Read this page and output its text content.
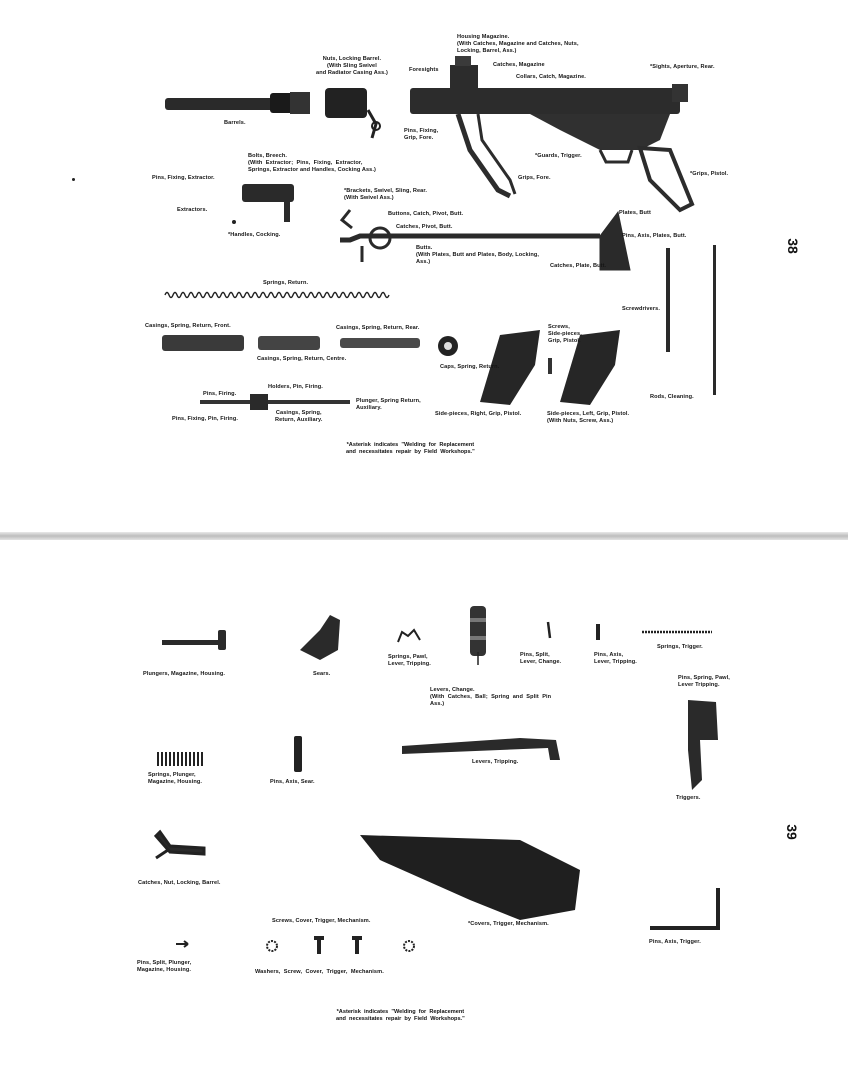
Housing Magazine.
(With Catches, Magazine and Catches, Nuts,
Locking, Barrel, Ass.)
Nuts, Locking Barrel.
(With Sling Swivel
and Radiator Casing Ass.)	Foresights
Catches, Magazine
Collars, Catch, Magazine.
*Sights, Aperture, Rear.
Barrels.
Pins, Fixing,
Grip, Fore.
*Guards, Trigger.
*Grips, Pistol.
Grips, Fore.
Bolts, Breech.
(With  Extractor;  Pins,  Fixing,  Extractor,
Springs, Extractor and Handles, Cocking Ass.)
Pins, Fixing, Extractor.
*Brackets, Swivel, Sling, Rear.
(With Swivel Ass.)
Extractors.
*Handles, Cocking.
Buttons, Catch, Pivot, Butt.
Catches, Pivot, Butt.
Plates, Butt
Pins, Axis, Plates, Butt.
Butts.
(With Plates, Butt and Plates, Body, Locking,
Ass.)
Catches, Plate, Butt.
Springs, Return.
Screwdrivers.
Casings, Spring, Return, Front.	Casings, Spring, Return, Rear.	Screws,
Side-pieces,
Grip, Pistol.
Casings, Spring, Return, Centre.
Caps, Spring, Return.
Holders, Pin, Firing.
Pins, Firing.
Plunger, Spring Return,
Auxiliary.
Rods, Cleaning.
Pins, Fixing, Pin, Firing.
Casings, Spring,
Return, Auxiliary.
Side-pieces, Right, Grip, Pistol.	Side-pieces, Left, Grip, Pistol.
(With Nuts, Screw, Ass.)
*Asterisk  indicates  "Welding  for  Replacement
and  necessitates  repair  by  Field  Workshops."
38
Plungers, Magazine, Housing.	Sears.
Springs, Pawl,
Lever, Tripping.
Pins, Split,
Lever, Change.
Pins, Axis,
Lever, Tripping.
Springs, Trigger.
Levers, Change.
(With  Catches,  Ball;  Spring  and  Split  Pin
Ass.)
Pins, Spring, Pawl,
Lever Tripping.
Springs, Plunger,
Magazine, Housing.	Pins, Axis, Sear.
Levers, Tripping.
Triggers.
Catches, Nut, Locking, Barrel.
Screws, Cover, Trigger, Mechanism.	*Covers, Trigger, Mechanism.
Pins, Axis, Trigger.
Pins, Split, Plunger,
Magazine, Housing.	Washers,  Screw,  Cover,  Trigger,  Mechanism.
*Asterisk  indicates  "Welding  for  Replacement
and  necessitates  repair  by  Field  Workshops."
39
